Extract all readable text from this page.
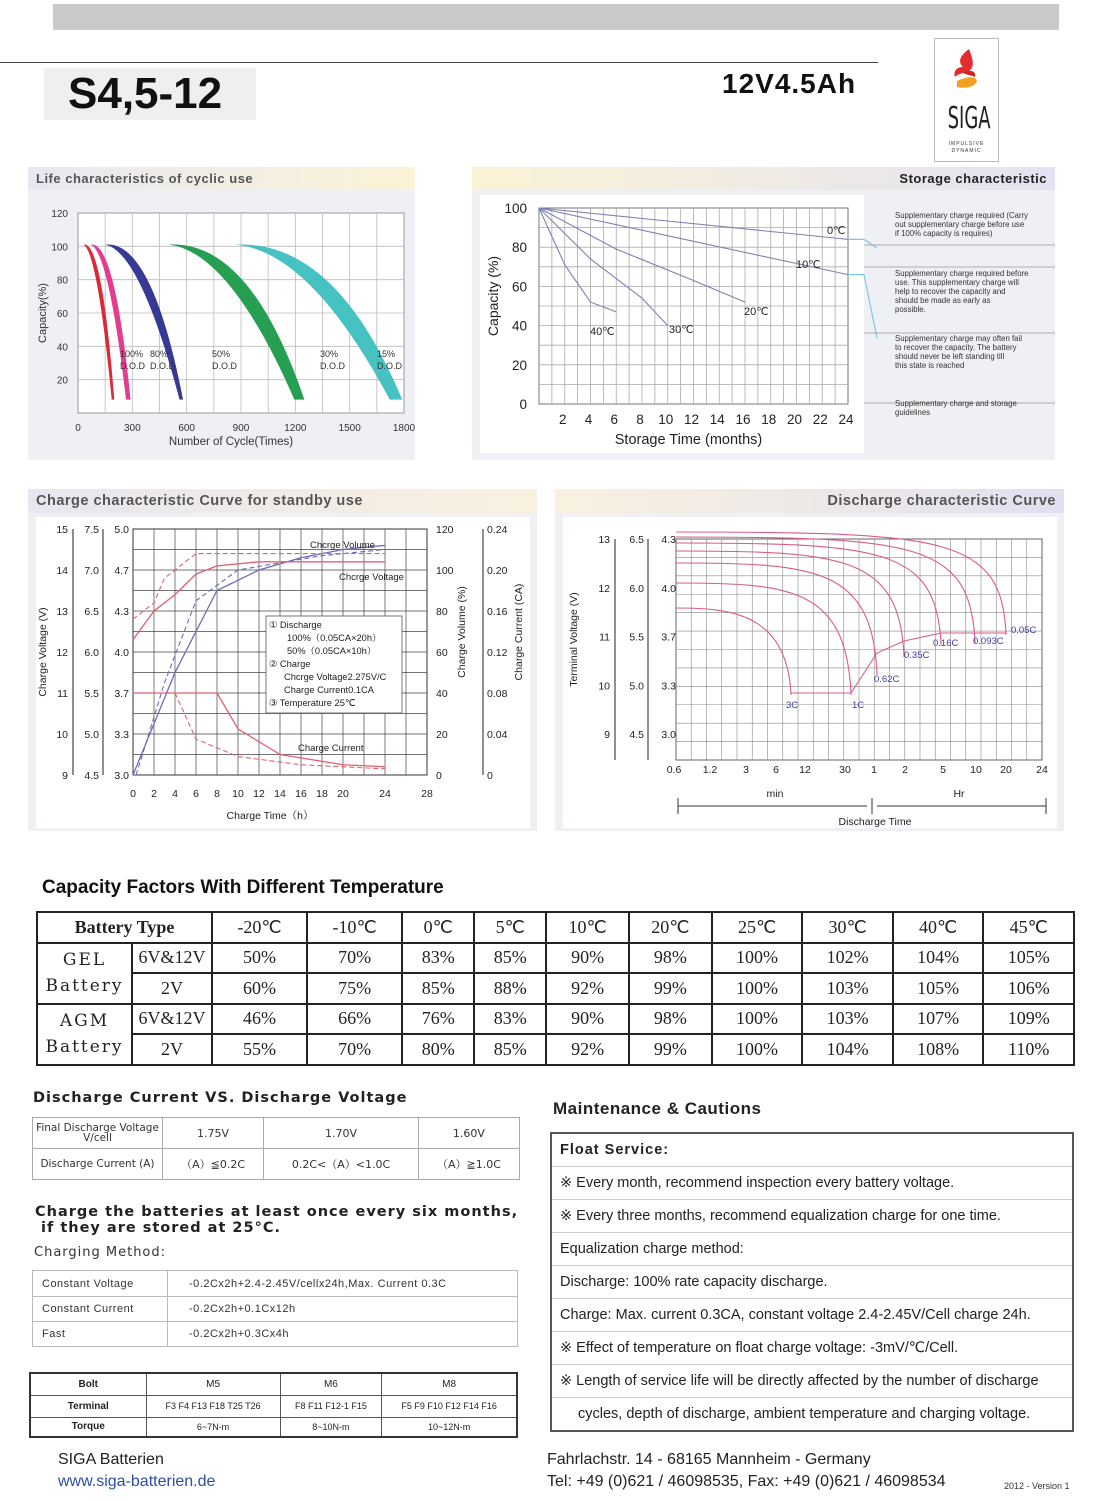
S4,5-12	12V4.5Ah
SIGA
IMPULSIVE
DYNAMIC
Life characteristics of cyclic use
120
100
80
60
40
20
0	300	600	900	1200	1500	1800
Capacity(%)
Number of Cycle(Times)
100%
D.O.D
80%
D.O.D
50%
D.O.D
30%
D.O.D
15%
D.O.D
Storage characteristic
100
80
60
40
20
0
2 4 6 8 10 12 14 16 18 20 22 24
Capacity (%)
Storage Time (months)
0℃
10℃
20℃
30℃
40℃
Supplementary charge required (Carry out supplementary charge before use if 100% capacity is requires)
Supplementary charge required before use. This supplementary charge will help to recover the capacity and should be made as early as possible.
Supplementary charge may often fail to recover the capacity. The battery should never be left standing till this state is reached
Supplementary charge and storage guidelines
Charge characteristic Curve for standby use
15
14
13
12
11
10
9
7.5
7.0
6.5
6.0
5.5
5.0
4.5
5.0
4.7
4.3
4.0
3.7
3.3
3.0
120
100
80
60
40
20
0
0.24
0.20
0.16
0.12
0.08
0.04
0
0 2 4 6 8 10 12 14 16 18 20	24	28
Charge Voltage (V)	Charge Volume (%)	Charge Current (CA)
Charge Time（h）
Chcrge Volume
Chcrge Voltage
Charge Current
① Discharge
100%（0.05CA×20h）
50%（0.05CA×10h）
② Charge
Chcrge Voltage2.275V/C
Charge Current0.1CA
③ Temperature 25℃
Discharge characteristic Curve
13
12
11
10
9
6.5
6.0
5.5
5.0
4.5
4.3
4.0
3.7
3.3
3.0
0.6 1.2 3 6 12	30 1 2	5 10 20 24
Terminal Voltage (V)
min	Hr
Discharge Time
3C	1C
0.62C
0.35C
0.16C 0.093C
0.05C
Capacity Factors With Different Temperature
Battery Type		-20℃	-10℃	0℃	5℃	10℃	20℃	25℃	30℃	40℃	45℃

GEL
Battery	6V&12V	50%	70%	83%	85%	90%	98%	100%	102%	104%	105%
	2V	60%	75%	85%	88%	92%	99%	100%	103%	105%	106%

AGM
Battery	6V&12V	46%	66%	76%	83%	90%	98%	100%	103%	107%	109%
	2V	55%	70%	80%	85%	92%	99%	100%	104%	108%	110%
Discharge Current VS. Discharge Voltage
Final Discharge Voltage V/cell	1.75V	1.70V	1.60V
Discharge Current (A)	（A）≦0.2C	0.2C<（A）<1.0C	（A）≧1.0C
Charge the batteries at least once every six months,
if they are stored at 25°C.
Charging Method:
Constant Voltage	-0.2Cx2h+2.4-2.45V/cellx24h,Max. Current 0.3C
Constant Current	-0.2Cx2h+0.1Cx12h
Fast	-0.2Cx2h+0.3Cx4h
Bolt	M5	M6	M8
Terminal	F3 F4 F13 F18 T25 T26	F8 F11 F12-1 F15	F5 F9 F10 F12 F14 F16
Torque	6~7N-m	8~10N-m	10~12N-m
Maintenance & Cautions
Float Service:
※ Every month, recommend inspection every battery voltage.
※ Every three months, recommend equalization charge for one time.
Equalization charge method:
Discharge: 100% rate capacity discharge.
Charge: Max. current 0.3CA, constant voltage 2.4-2.45V/Cell charge 24h.
※ Effect of temperature on float charge voltage: -3mV/℃/Cell.
※ Length of service life will be directly affected by the number of discharge
cycles, depth of discharge, ambient temperature and charging voltage.
SIGA Batterien
www.siga-batterien.de
Fahrlachstr. 14 - 68165 Mannheim - Germany
Tel: +49 (0)621 / 46098535, Fax: +49 (0)621 / 46098534	2012 - Version 1
